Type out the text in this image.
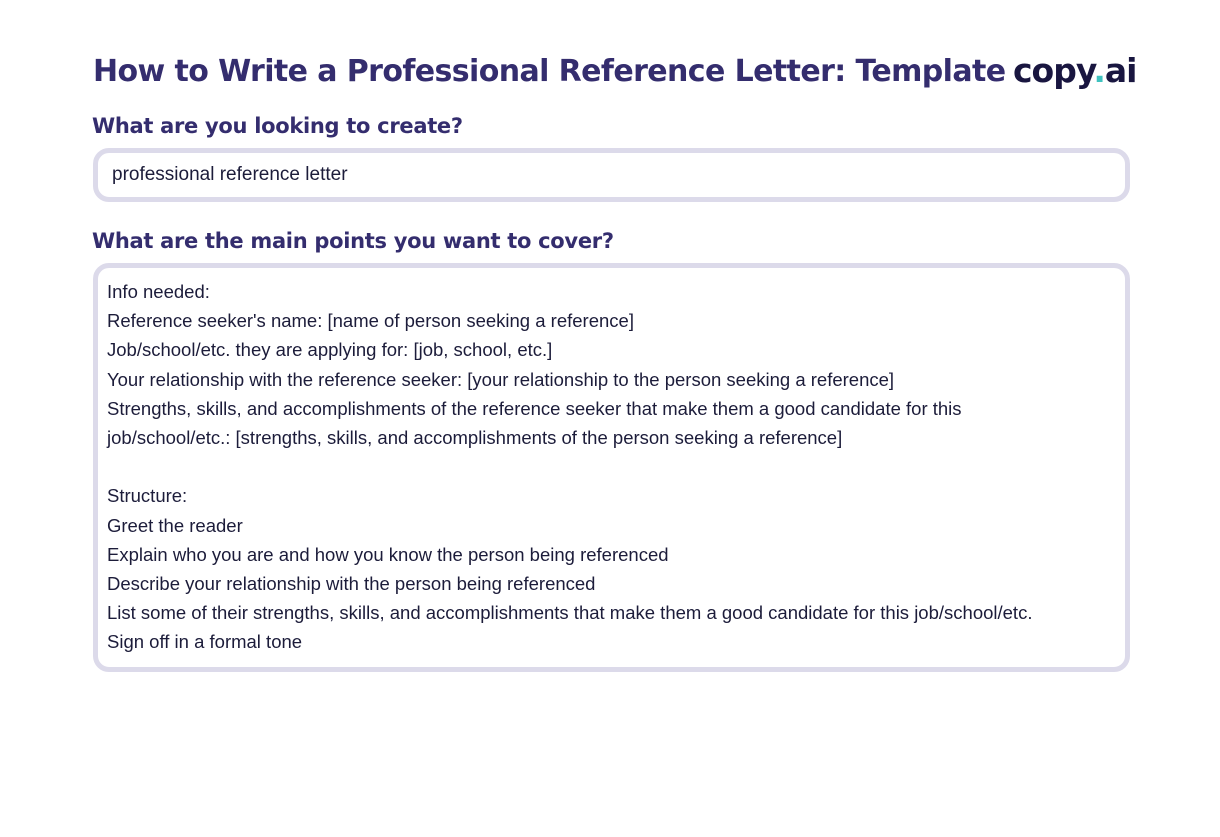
How to Write a Professional Reference Letter: Template copy.ai
What are you looking to create?
professional reference letter
What are the main points you want to cover?
Info needed:
Reference seeker's name: [name of person seeking a reference]
Job/school/etc. they are applying for: [job, school, etc.]
Your relationship with the reference seeker: [your relationship to the person seeking a reference]
Strengths, skills, and accomplishments of the reference seeker that make them a good candidate for this
job/school/etc.: [strengths, skills, and accomplishments of the person seeking a reference]
Structure:
Greet the reader
Explain who you are and how you know the person being referenced
Describe your relationship with the person being referenced
List some of their strengths, skills, and accomplishments that make them a good candidate for this job/school/etc.
Sign off in a formal tone
